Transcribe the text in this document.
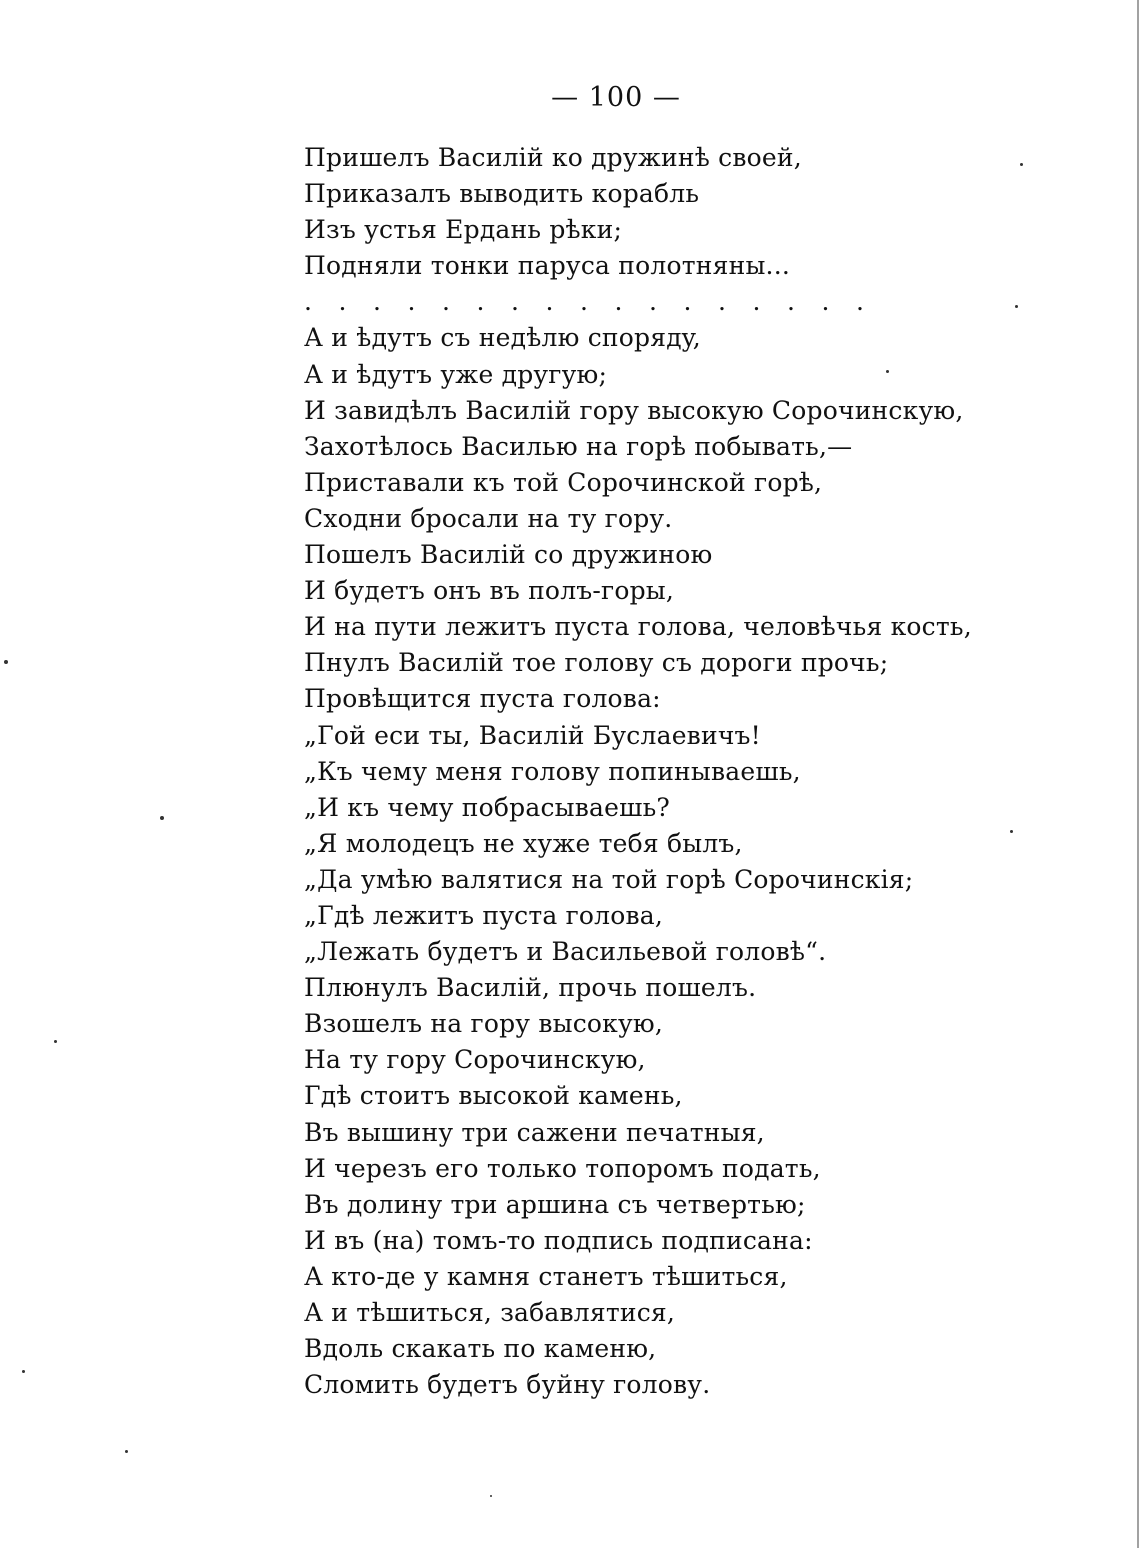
— 100 —
Пришелъ Василій ко дружинѣ своей,
Приказалъ выводить корабль
Изъ устья Ердань рѣки;
Подняли тонки паруса полотняны...
. . . . . . . . . . . . . . . . .
А и ѣдутъ съ недѣлю спорядy,
А и ѣдутъ уже другую;
И завидѣлъ Василій гору высокую Сорочинскую,
Захотѣлось Василью на горѣ побывать,—
Приставали къ той Сорочинской горѣ,
Сходни бросали на ту гору.
Пошелъ Василій со дружиною
И будетъ онъ въ полъ-горы,
И на пути лежитъ пуста голова, человѣчья кость,
Пнулъ Василій тое голову съ дороги прочь;
Провѣщится пуста голова:
„Гой еси ты, Василій Буслаевичъ!
„Къ чему меня голову попинываешь,
„И къ чему побрасываешь?
„Я молодецъ не хуже тебя былъ,
„Да умѣю валятися на той горѣ Сорочинскія;
„Гдѣ лежитъ пуста голова,
„Лежать будетъ и Васильевой головѣ“.
Плюнулъ Василій, прочь пошелъ.
Взошелъ на гору высокую,
На ту гору Сорочинскую,
Гдѣ стоитъ высокой камень,
Въ вышину три сажени печатныя,
И черезъ его только топоромъ подать,
Въ долину три аршина съ четвертью;
И въ (на) томъ-то подпись подписана:
А кто-де у камня станетъ тѣшиться,
А и тѣшиться, забавлятися,
Вдоль скакать по каменю,
Сломить будетъ буйну голову.
